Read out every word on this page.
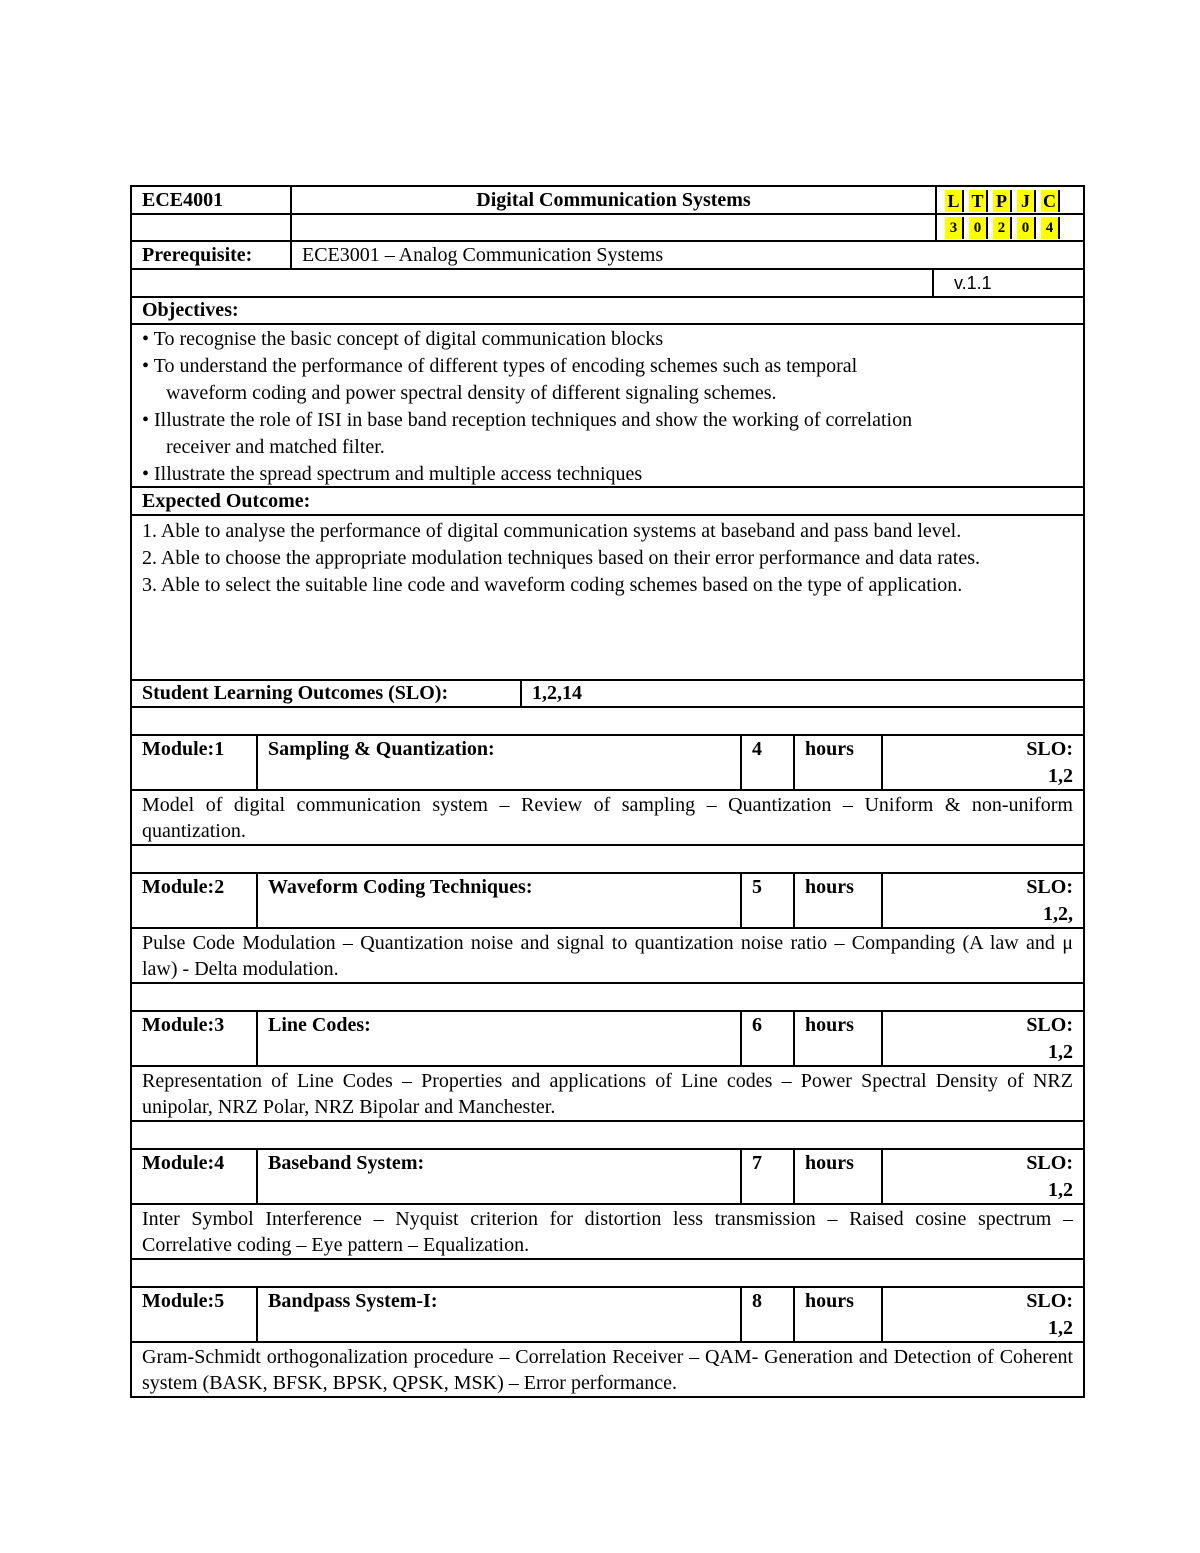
ECE4001	Digital Communication Systems	L T P J C
3	0	2	0	4
Prerequisite:	ECE3001 – Analog Communication Systems
v.1.1
Objectives:
• To recognise the basic concept of digital communication blocks
• To understand the performance of different types of encoding schemes such as temporal
waveform coding and power spectral density of different signaling schemes.
• Illustrate the role of ISI in base band reception techniques and show the working of correlation
receiver and matched filter.
• Illustrate the spread spectrum and multiple access techniques
Expected Outcome:
1. Able to analyse the performance of digital communication systems at baseband and pass band level.
2. Able to choose the appropriate modulation techniques based on their error performance and data rates.
3. Able to select the suitable line code and waveform coding schemes based on the type of application.
Student Learning Outcomes (SLO):	1,2,14
Module:1	Sampling & Quantization:	4	hours	SLO:
1,2
Model of digital communication system – Review of sampling – Quantization – Uniform & non-uniform quantization.
Module:2	Waveform Coding Techniques:	5	hours	SLO:
1,2,
Pulse Code Modulation – Quantization noise and signal to quantization noise ratio – Companding (A law and μ law) - Delta modulation.
Module:3	Line Codes:	6	hours	SLO:
1,2
Representation of Line Codes – Properties and applications of Line codes – Power Spectral Density of NRZ unipolar, NRZ Polar, NRZ Bipolar and Manchester.
Module:4	Baseband System:	7	hours	SLO:
1,2
Inter Symbol Interference – Nyquist criterion for distortion less transmission – Raised cosine spectrum – Correlative coding – Eye pattern – Equalization.
Module:5	Bandpass System-I:	8	hours	SLO:
1,2
Gram-Schmidt orthogonalization procedure – Correlation Receiver – QAM- Generation and Detection of Coherent system (BASK, BFSK, BPSK, QPSK, MSK) – Error performance.
